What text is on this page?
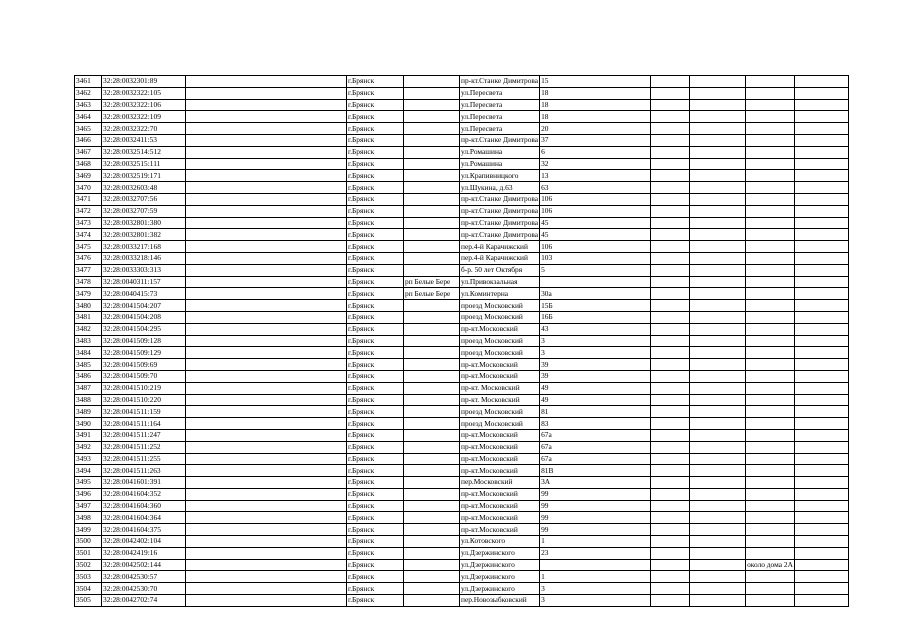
3461	32:28:0032301:89		г.Брянск		пр-кт.Станке Димитрова	15				
3462	32:28:0032322:105		г.Брянск		ул.Пересвета	18				
3463	32:28:0032322:106		г.Брянск		ул.Пересвета	18				
3464	32:28:0032322:109		г.Брянск		ул.Пересвета	18				
3465	32:28:0032322:70		г.Брянск		ул.Пересвета	20				
3466	32:28:0032411:53		г.Брянск		пр-кт.Станке Димитрова	37				
3467	32:28:0032514:512		г.Брянск		ул.Ромашина	6				
3468	32:28:0032515:111		г.Брянск		ул.Ромашина	32				
3469	32:28:0032519:171		г.Брянск		ул.Крапивницкого	13				
3470	32:28:0032603:48		г.Брянск		ул.Шукина, д.63	63				
3471	32:28:0032707:56		г.Брянск		пр-кт.Станке Димитрова	106				
3472	32:28:0032707:59		г.Брянск		пр-кт.Станке Димитрова	106				
3473	32:28:0032801:380		г.Брянск		пр-кт.Станке Димитрова	45				
3474	32:28:0032801:382		г.Брянск		пр-кт.Станке Димитрова	45				
3475	32:28:0033217:168		г.Брянск		пер.4-й Карачижский	106				
3476	32:28:0033218:146		г.Брянск		пер.4-й Карачижский	103				
3477	32:28:0033303:313		г.Брянск		б-р. 50 лет Октября	5				
3478	32:28:0040311:157		г.Брянск	рп Белые Бере	ул.Привокзальная					
3479	32:28:0040415:73		г.Брянск	рп Белые Бере	ул.Коминтерна	30а				
3480	32:28:0041504:207		г.Брянск		проезд Московский	15Б				
3481	32:28:0041504:208		г.Брянск		проезд Московский	16Б				
3482	32:28:0041504:295		г.Брянск		пр-кт.Московский	43				
3483	32:28:0041509:128		г.Брянск		проезд Московский	3				
3484	32:28:0041509:129		г.Брянск		проезд Московский	3				
3485	32:28:0041509:69		г.Брянск		пр-кт.Московский	39				
3486	32:28:0041509:70		г.Брянск		пр-кт.Московский	39				
3487	32:28:0041510:219		г.Брянск		пр-кт. Московский	49				
3488	32:28:0041510:220		г.Брянск		пр-кт. Московский	49				
3489	32:28:0041511:159		г.Брянск		проезд Московский	81				
3490	32:28:0041511:164		г.Брянск		проезд Московский	83				
3491	32:28:0041511:247		г.Брянск		пр-кт.Московский	67а				
3492	32:28:0041511:252		г.Брянск		пр-кт.Московский	67а				
3493	32:28:0041511:255		г.Брянск		пр-кт.Московский	67а				
3494	32:28:0041511:263		г.Брянск		пр-кт.Московский	81В				
3495	32:28:0041601:391		г.Брянск		пер.Московский	3А				
3496	32:28:0041604:352		г.Брянск		пр-кт.Московский	99				
3497	32:28:0041604:360		г.Брянск		пр-кт.Московский	99				
3498	32:28:0041604:364		г.Брянск		пр-кт.Московский	99				
3499	32:28:0041604:375		г.Брянск		пр-кт.Московский	99				
3500	32:28:0042402:104		г.Брянск		ул.Котовского	1				
3501	32:28:0042419:16		г.Брянск		ул.Дзержинского	23				
3502	32:28:0042502:144		г.Брянск		ул.Дзержинского				около дома 2А	
3503	32:28:0042530:57		г.Брянск		ул.Дзержинского	1				
3504	32:28:0042530:70		г.Брянск		ул.Дзержинского	3				
3505	32:28:0042702:74		г.Брянск		пер.Новозыбковский	3				
